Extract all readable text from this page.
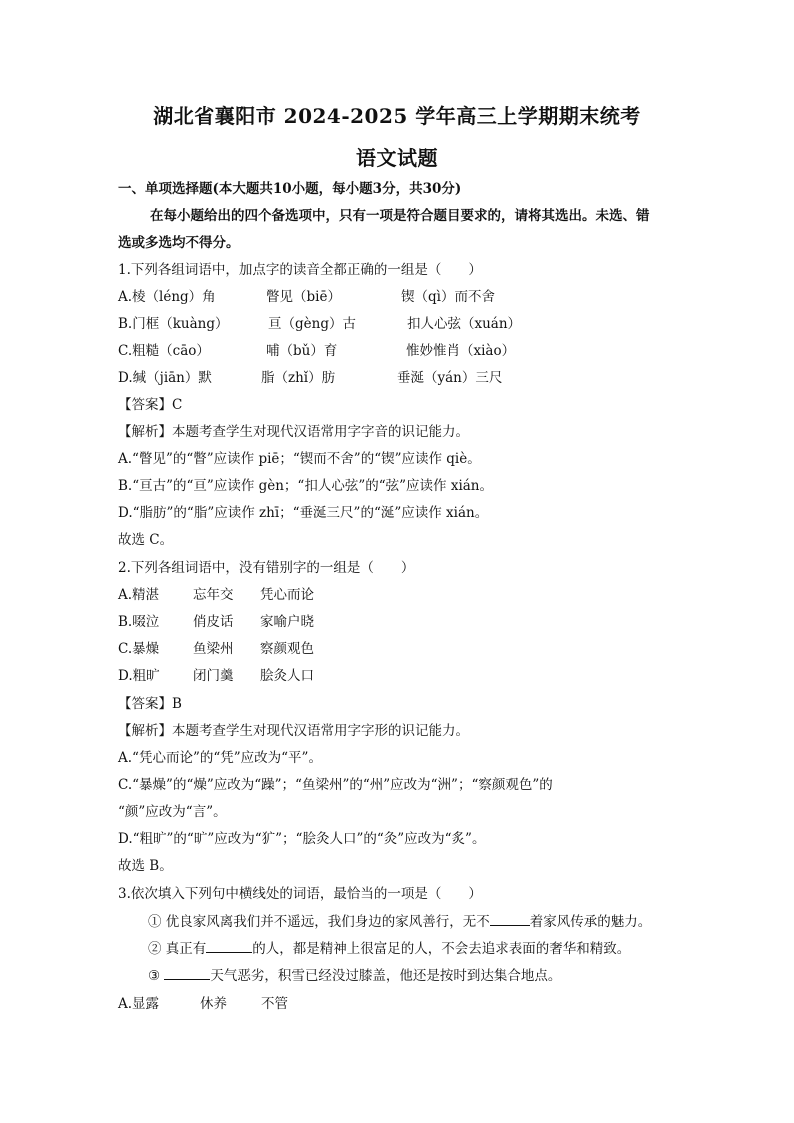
湖北省襄阳市 2024-2025 学年高三上学期期末统考
语文试题
一、单项选择题(本大题共10小题，每小题3分，共30分)
在每小题给出的四个备选项中，只有一项是符合题目要求的，请将其选出。未选、错
选或多选均不得分。
1.下列各组词语中，加点字的读音全都正确的一组是（　　）
A.棱（léng）角	瞥见（biē）	锲（qì）而不舍
B.门框（kuàng）	亘（gèng）古	扣人心弦（xuán）
C.粗糙（cāo）	哺（bǔ）育	惟妙惟肖（xiào）
D.缄（jiān）默	脂（zhǐ）肪	垂涎（yán）三尺
【答案】C
【解析】本题考查学生对现代汉语常用字字音的识记能力。
A.“瞥见”的“瞥”应读作 piē；“锲而不舍”的“锲”应读作 qiè。
B.“亘古”的“亘”应读作 gèn；“扣人心弦”的“弦”应读作 xián。
D.“脂肪”的“脂”应读作 zhī；“垂涎三尺”的“涎”应读作 xián。
故选 C。
2.下列各组词语中，没有错别字的一组是（　　）
A.精湛	忘年交 凭心而论
B.啜泣	俏皮话 家喻户晓
C.暴燥	鱼梁州 察颜观色
D.粗旷 闭门羹 脍灸人口
【答案】B
【解析】本题考查学生对现代汉语常用字字形的识记能力。
A.“凭心而论”的“凭”应改为“平”。
C.“暴燥”的“燥”应改为“躁”；“鱼梁州”的“州”应改为“洲”；“察颜观色”的
“颜”应改为“言”。
D.“粗旷”的“旷”应改为“犷”；“脍灸人口”的“灸”应改为“炙”。
故选 B。
3.依次填入下列句中横线处的词语，最恰当的一项是（　　）
① 优良家风离我们并不遥远，我们身边的家风善行，无不	着家风传承的魅力。
② 真正有	的人，都是精神上很富足的人，不会去追求表面的奢华和精致。
③	天气恶劣，积雪已经没过膝盖，他还是按时到达集合地点。
A.显露	休养	不管
